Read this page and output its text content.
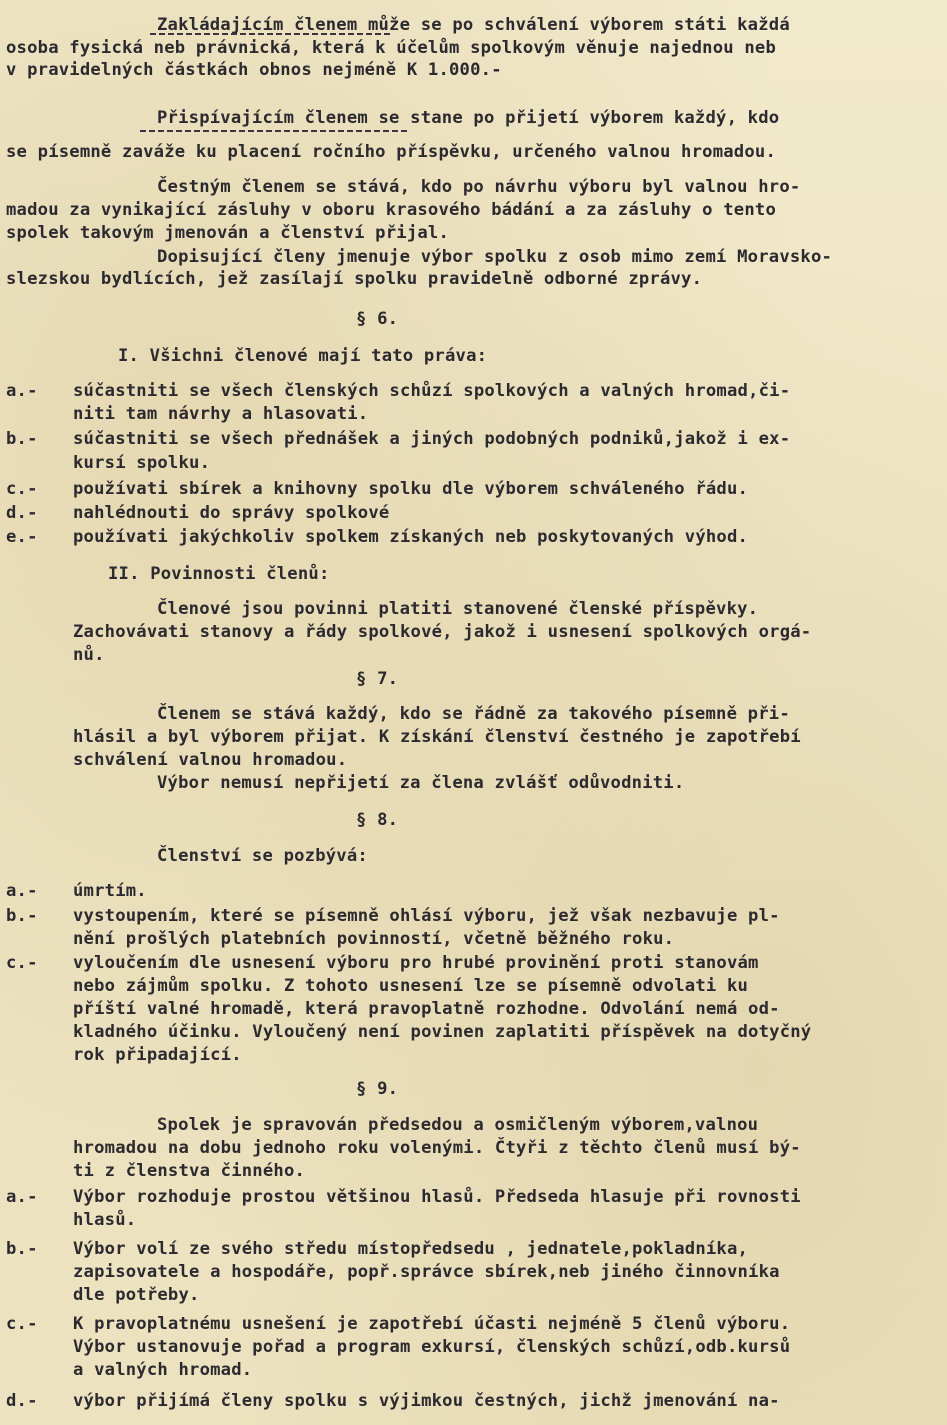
Zakládajícím členem může se po schválení výborem státi každá
osoba fysická neb právnická, která k účelům spolkovým věnuje najednou neb
v pravidelných částkách obnos nejméně K 1.000.-
Přispívajícím členem se stane po přijetí výborem každý, kdo
se písemně zaváže ku placení ročního příspěvku, určeného valnou hromadou.
Čestným členem se stává, kdo po návrhu výboru byl valnou hro-
madou za vynikající zásluhy v oboru krasového bádání a za zásluhy o tento
spolek takovým jmenován a členství přijal.
Dopisující členy jmenuje výbor spolku z osob mimo zemí Moravsko-
slezskou bydlících, jež zasílají spolku pravidelně odborné zprávy.
§ 6.
I. Všichni členové mají tato práva:
a.- súčastniti se všech členských schůzí spolkových a valných hromad,či-
niti tam návrhy a hlasovati.
b.- súčastniti se všech přednášek a jiných podobných podniků,jakož i ex-
kursí spolku.
c.- používati sbírek a knihovny spolku dle výborem schváleného řádu.
d.- nahlédnouti do správy spolkové
e.- používati jakýchkoliv spolkem získaných neb poskytovaných výhod.
II. Povinnosti členů:
Členové jsou povinni platiti stanovené členské příspěvky.
Zachovávati stanovy a řády spolkové, jakož i usnesení spolkových orgá-
nů.
§ 7.
Členem se stává každý, kdo se řádně za takového písemně při-
hlásil a byl výborem přijat. K získání členství čestného je zapotřebí
schválení valnou hromadou.
Výbor nemusí nepřijetí za člena zvlášť odůvodniti.
§ 8.
Členství se pozbývá:
a.- úmrtím.
b.- vystoupením, které se písemně ohlásí výboru, jež však nezbavuje pl-
nění prošlých platebních povinností, včetně běžného roku.
c.- vyloučením dle usnesení výboru pro hrubé provinění proti stanovám
nebo zájmům spolku. Z tohoto usnesení lze se písemně odvolati ku
příští valné hromadě, která pravoplatně rozhodne. Odvolání nemá od-
kladného účinku. Vyloučený není povinen zaplatiti příspěvek na dotyčný
rok připadající.
§ 9.
Spolek je spravován předsedou a osmičleným výborem,valnou
hromadou na dobu jednoho roku volenými. Čtyři z těchto členů musí bý-
ti z členstva činného.
a.- Výbor rozhoduje prostou většinou hlasů. Předseda hlasuje při rovnosti
hlasů.
b.- Výbor volí ze svého středu místopředsedu , jednatele,pokladníka,
zapisovatele a hospodáře, popř.správce sbírek,neb jiného činnovníka
dle potřeby.
c.- K pravoplatnému usnešení je zapotřebí účasti nejméně 5 členů výboru.
Výbor ustanovuje pořad a program exkursí, členských schůzí,odb.kursů
a valných hromad.
d.- výbor přijímá členy spolku s výjimkou čestných, jichž jmenování na-
